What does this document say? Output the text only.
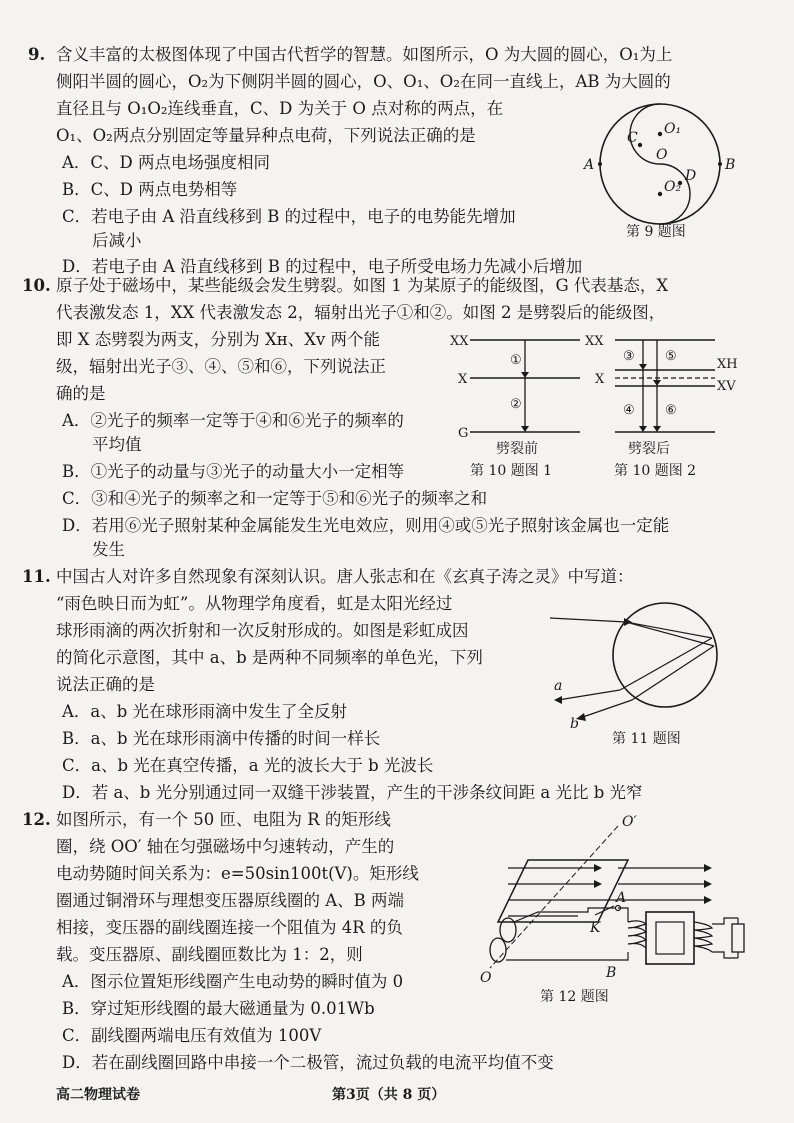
9. 含义丰富的太极图体现了中国古代哲学的智慧。如图所示，O 为大圆的圆心，O₁为上
侧阳半圆的圆心，O₂为下侧阴半圆的圆心，O、O₁、O₂在同一直线上，AB 为大圆的
直径且与 O₁O₂连线垂直，C、D 为关于 O 点对称的两点，在
O₁、O₂两点分别固定等量异种点电荷，下列说法正确的是
A．C、D 两点电场强度相同
B．C、D 两点电势相等
C．若电子由 A 沿直线移到 B 的过程中，电子的电势能先增加
后减小
D．若电子由 A 沿直线移到 B 的过程中，电子所受电场力先减小后增加
A	B
C
D
O
O₁
O₂
第 9 题图
10. 原子处于磁场中，某些能级会发生劈裂。如图 1 为某原子的能级图，G 代表基态，X
代表激发态 1，XX 代表激发态 2，辐射出光子①和②。如图 2 是劈裂后的能级图，
即 X 态劈裂为两支，分别为 Xн、Xv 两个能
级，辐射出光子③、④、⑤和⑥，下列说法正
确的是
A．②光子的频率一定等于④和⑥光子的频率的
平均值
B．①光子的动量与③光子的动量大小一定相等
C．③和④光子的频率之和一定等于⑤和⑥光子的频率之和
D．若用⑥光子照射某种金属能发生光电效应，则用④或⑤光子照射该金属也一定能
发生
XX
X
G
①
②
劈裂前
第 10 题图 1
XX
X
XH
XV
③ ⑤
④ ⑥
劈裂后
第 10 题图 2
11. 中国古人对许多自然现象有深刻认识。唐人张志和在《玄真子涛之灵》中写道：
“雨色映日而为虹”。从物理学角度看，虹是太阳光经过
球形雨滴的两次折射和一次反射形成的。如图是彩虹成因
的简化示意图，其中 a、b 是两种不同频率的单色光，下列
说法正确的是
A．a、b 光在球形雨滴中发生了全反射
B．a、b 光在球形雨滴中传播的时间一样长
C．a、b 光在真空传播，a 光的波长大于 b 光波长
D．若 a、b 光分别通过同一双缝干涉装置，产生的干涉条纹间距 a 光比 b 光窄
a
b
第 11 题图
12. 如图所示，有一个 50 匝、电阻为 R 的矩形线
圈，绕 OO′ 轴在匀强磁场中匀速转动，产生的
电动势随时间关系为：e=50sin100t(V)。矩形线
圈通过铜滑环与理想变压器原线圈的 A、B 两端
相接，变压器的副线圈连接一个阻值为 4R 的负
载。变压器原、副线圈匝数比为 1：2，则
A．图示位置矩形线圈产生电动势的瞬时值为 0
B．穿过矩形线圈的最大磁通量为 0.01Wb
C．副线圈两端电压有效值为 100V
D．若在副线圈回路中串接一个二极管，流过负载的电流平均值不变
O′
O
A
B
K
第 12 题图
高二物理试卷	第3页（共 8 页）
